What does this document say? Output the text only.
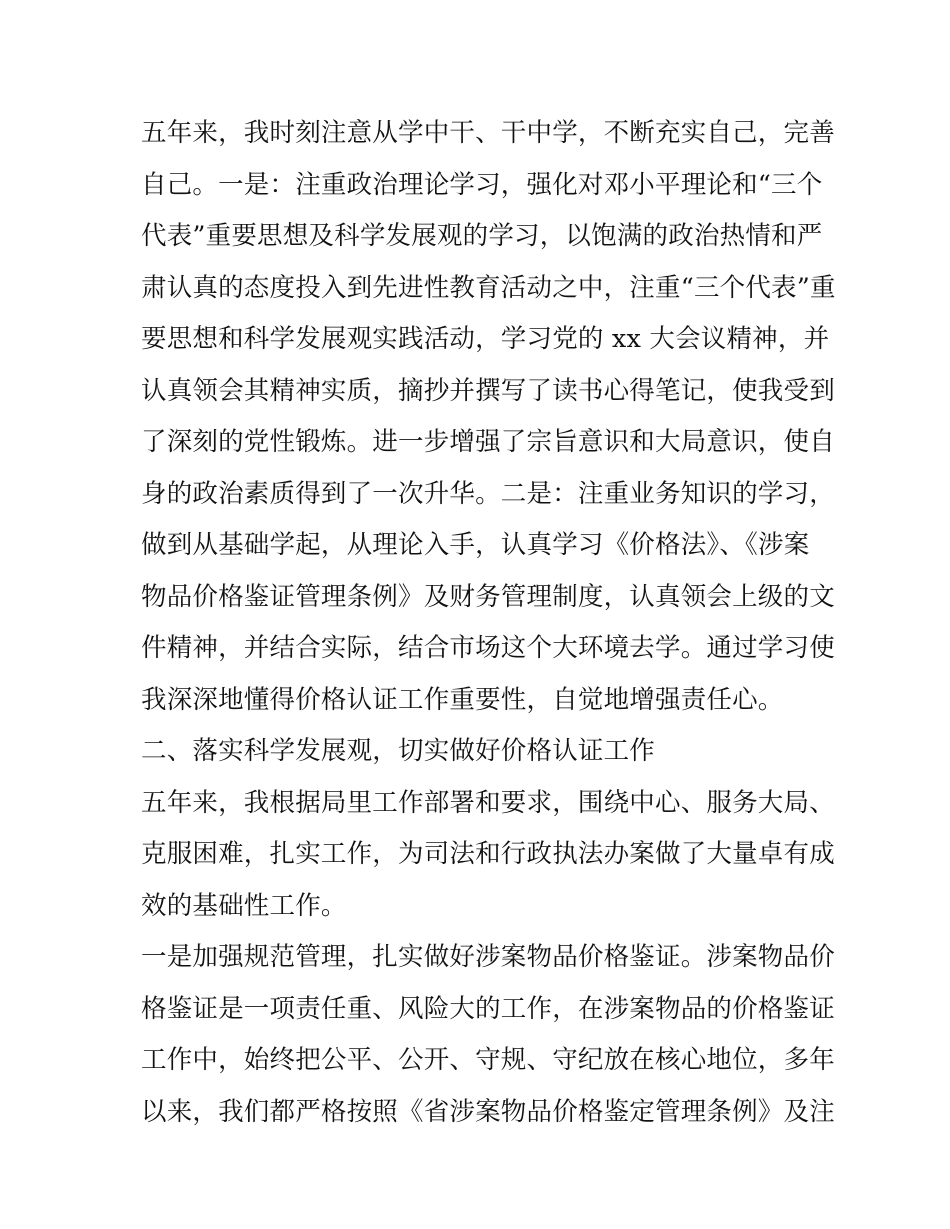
五年来，我时刻注意从学中干、干中学，不断充实自己，完善
自己。一是：注重政治理论学习，强化对邓小平理论和“三个
代表”重要思想及科学发展观的学习，以饱满的政治热情和严
肃认真的态度投入到先进性教育活动之中，注重“三个代表”重
要思想和科学发展观实践活动，学习党的 xx 大会议精神，并
认真领会其精神实质，摘抄并撰写了读书心得笔记，使我受到
了深刻的党性锻炼。进一步增强了宗旨意识和大局意识，使自
身的政治素质得到了一次升华。二是：注重业务知识的学习，
做到从基础学起，从理论入手，认真学习《价格法》、《涉案
物品价格鉴证管理条例》及财务管理制度，认真领会上级的文
件精神，并结合实际，结合市场这个大环境去学。通过学习使
我深深地懂得价格认证工作重要性，自觉地增强责任心。
二、落实科学发展观，切实做好价格认证工作
五年来，我根据局里工作部署和要求，围绕中心、服务大局、
克服困难，扎实工作，为司法和行政执法办案做了大量卓有成
效的基础性工作。
一是加强规范管理，扎实做好涉案物品价格鉴证。涉案物品价
格鉴证是一项责任重、风险大的工作，在涉案物品的价格鉴证
工作中，始终把公平、公开、守规、守纪放在核心地位，多年
以来，我们都严格按照《省涉案物品价格鉴定管理条例》及注
